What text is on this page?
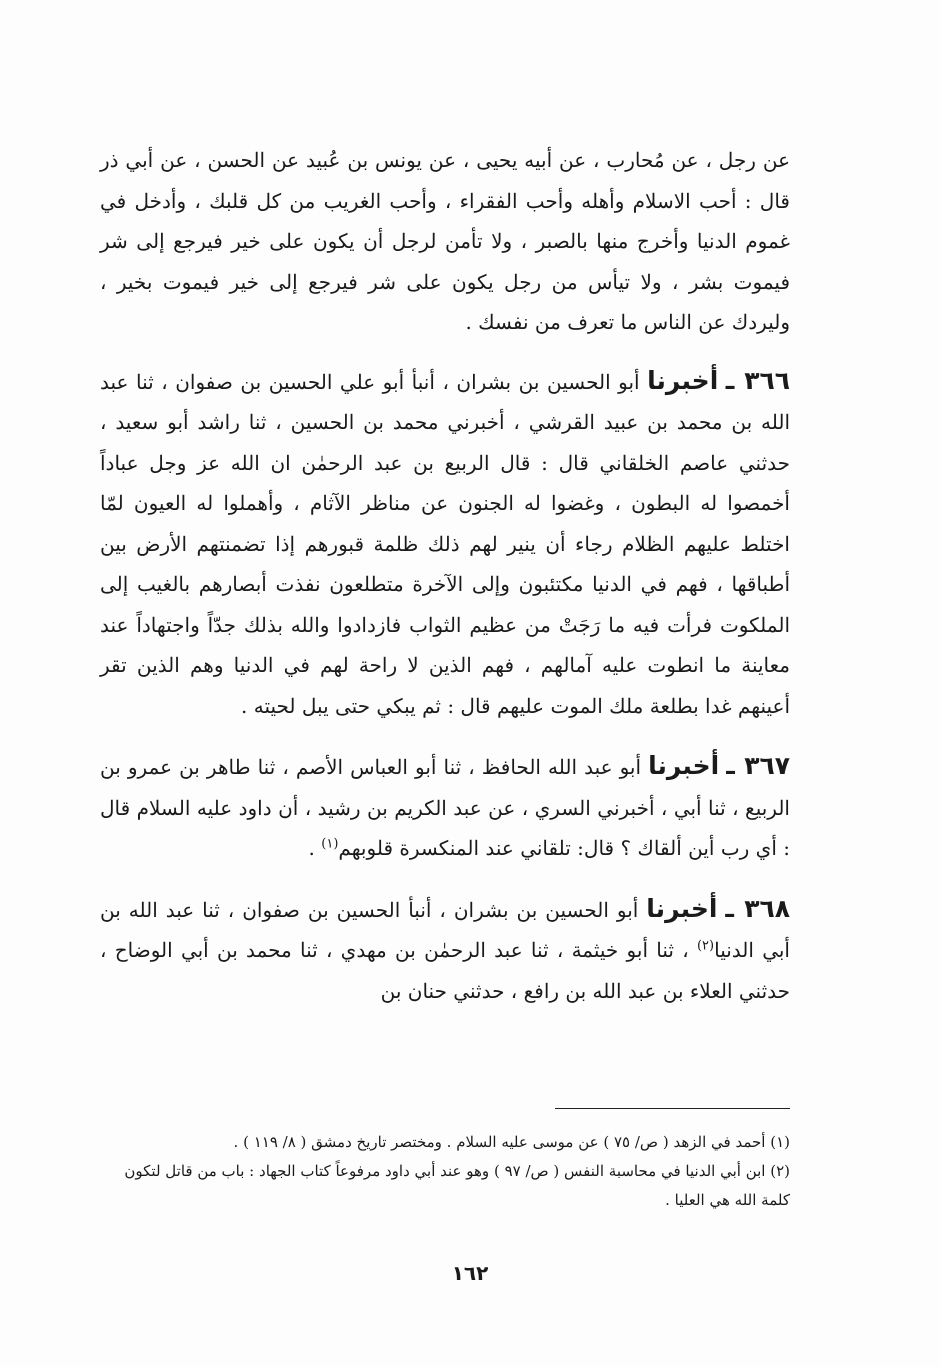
عن رجل ، عن مُحارب ، عن أبيه يحيى ، عن يونس بن عُبيد عن الحسن ، عن أبي ذر قال : أحب الاسلام وأهله وأحب الفقراء ، وأحب الغريب من كل قلبك ، وأدخل في غموم الدنيا وأخرج منها بالصبر ، ولا تأمن لرجل أن يكون على خير فيرجع إلى شر فيموت بشر ، ولا تيأس من رجل يكون على شر فيرجع إلى خير فيموت بخير ، وليردك عن الناس ما تعرف من نفسك .

٣٦٦ ـ أخبرنا أبو الحسين بن بشران ، أنبأ أبو علي الحسين بن صفوان ، ثنا عبد الله بن محمد بن عبيد القرشي ، أخبرني محمد بن الحسين ، ثنا راشد أبو سعيد ، حدثني عاصم الخلقاني قال : قال الربيع بن عبد الرحمٰن ان الله عز وجل عباداً أخمصوا له البطون ، وغضوا له الجنون عن مناظر الآثام ، وأهملوا له العيون لمّا اختلط عليهم الظلام رجاء أن ينير لهم ذلك ظلمة قبورهم إذا تضمنتهم الأرض بين أطباقها ، فهم في الدنيا مكتئبون وإلى الآخرة متطلعون نفذت أبصارهم بالغيب إلى الملكوت فرأت فيه ما رَجَتْ من عظيم الثواب فازدادوا والله بذلك جدّاً واجتهاداً عند معاينة ما انطوت عليه آمالهم ، فهم الذين لا راحة لهم في الدنيا وهم الذين تقر أعينهم غدا بطلعة ملك الموت عليهم قال : ثم يبكي حتى يبل لحيته .

٣٦٧ ـ أخبرنا أبو عبد الله الحافظ ، ثنا أبو العباس الأصم ، ثنا طاهر بن عمرو بن الربيع ، ثنا أبي ، أخبرني السري ، عن عبد الكريم بن رشيد ، أن داود عليه السلام قال : أي رب أين ألقاك ؟ قال: تلقاني عند المنكسرة قلوبهم$^{(١)}$ .

٣٦٨ ـ أخبرنا أبو الحسين بن بشران ، أنبأ الحسين بن صفوان ، ثنا عبد الله بن أبي الدنيا$^{(٢)}$ ، ثنا أبو خيثمة ، ثنا عبد الرحمٰن بن مهدي ، ثنا محمد بن أبي الوضاح ، حدثني العلاء بن عبد الله بن رافع ، حدثني حنان بن

(١) أحمد في الزهد ( ص/ ٧٥ ) عن موسى عليه السلام . ومختصر تاريخ دمشق ( ٨/ ١١٩ ) .

(٢) ابن أبي الدنيا في محاسبة النفس ( ص/ ٩٧ ) وهو عند أبي داود مرفوعاً كتاب الجهاد : باب من قاتل لتكون كلمة الله هي العليا .

١٦٢
